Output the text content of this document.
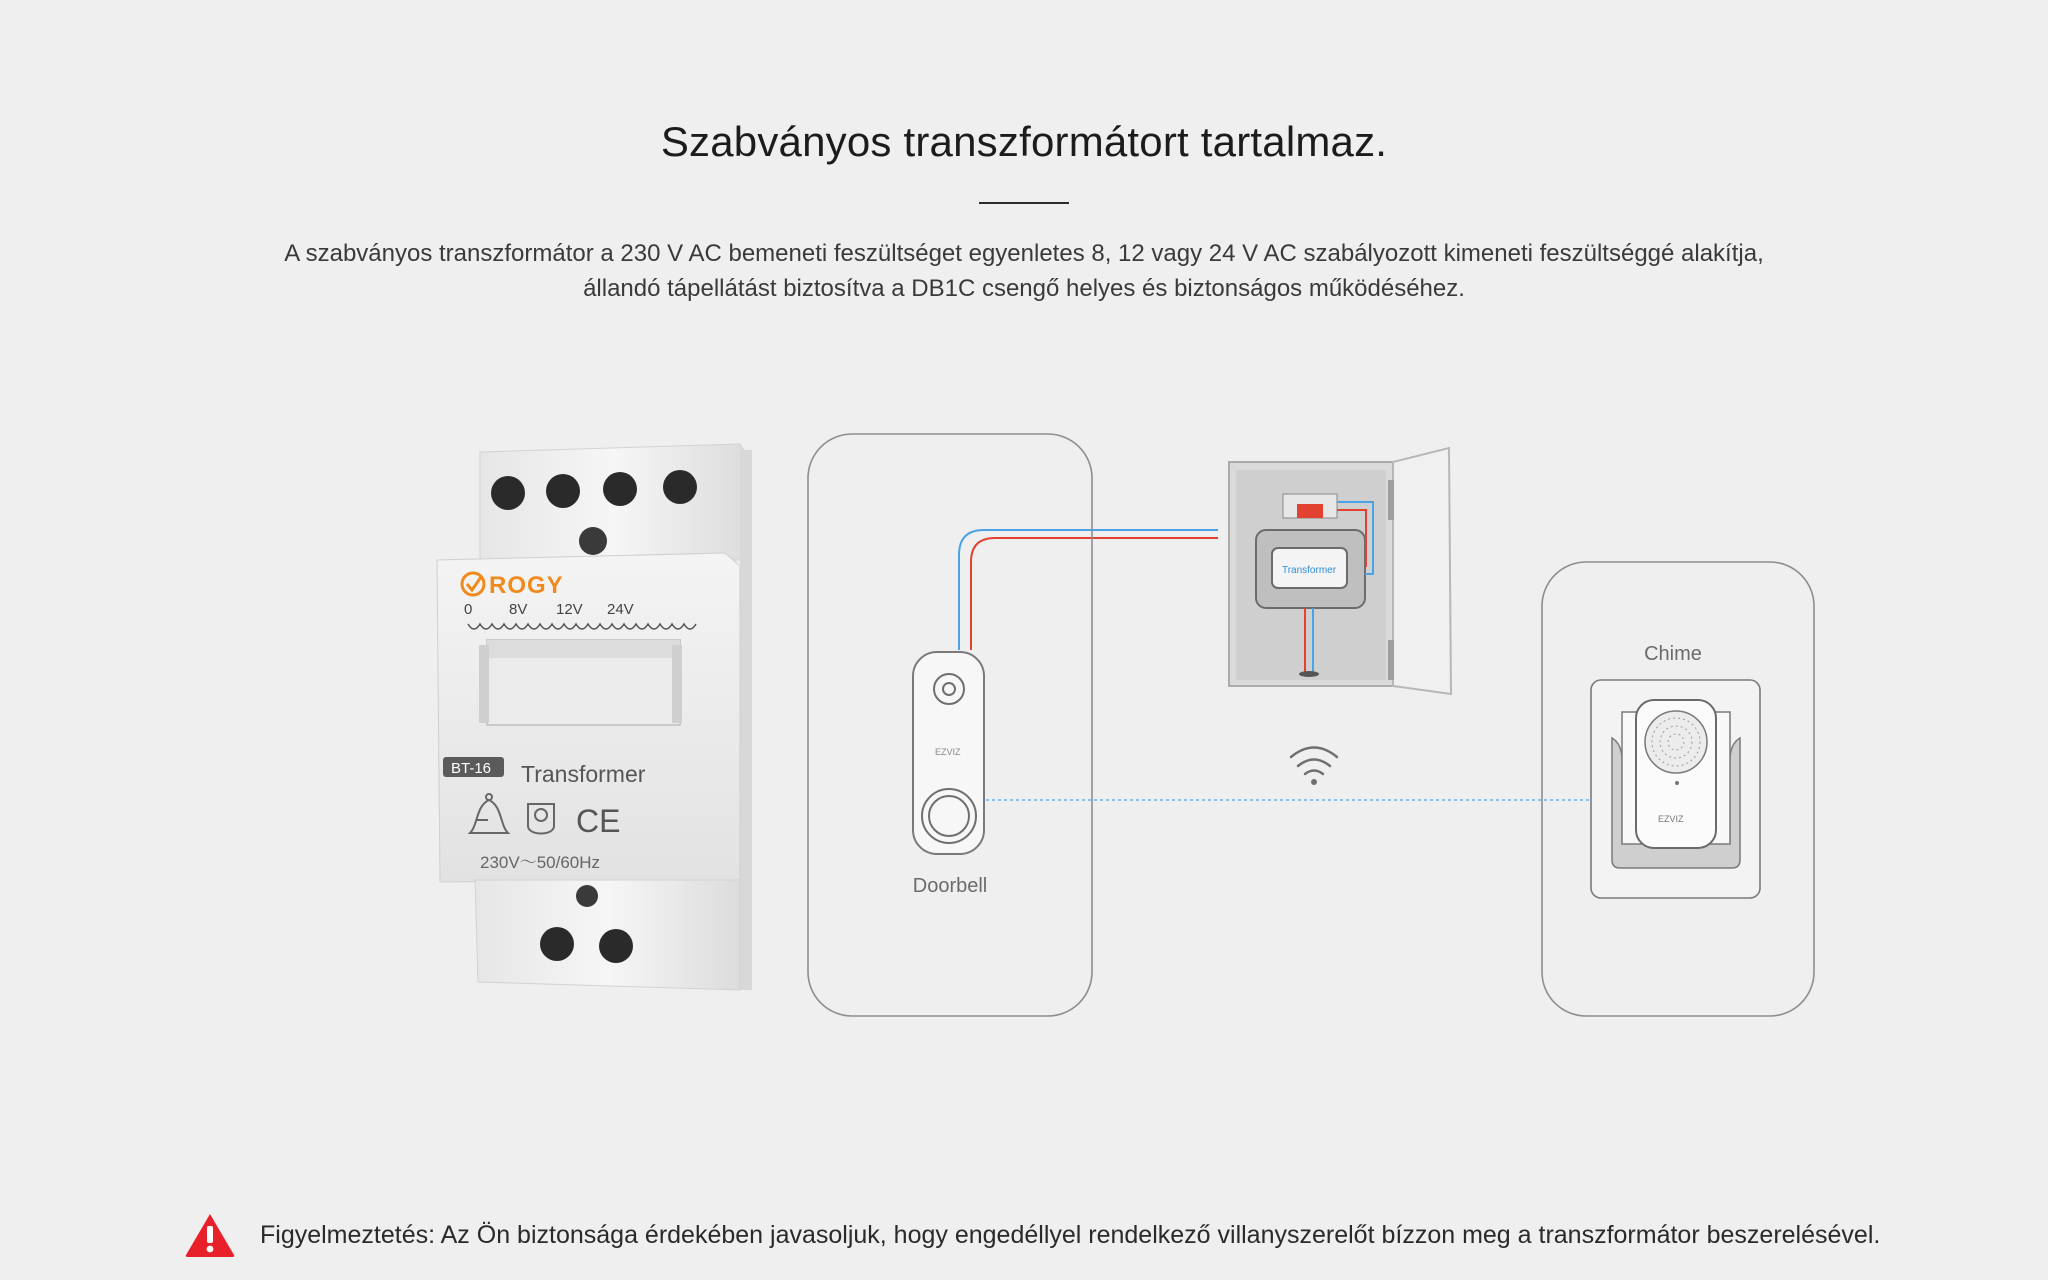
Szabványos transzformátort tartalmaz.
A szabványos transzformátor a 230 V AC bemeneti feszültséget egyenletes 8, 12 vagy 24 V AC szabályozott kimeneti feszültséggé alakítja, állandó tápellátást biztosítva a DB1C csengő helyes és biztonságos működéséhez.
ROGY
0 8V 12V 24V
BT-16 Transformer
CE
230V～50/60Hz
EZVIZ
Doorbell
Transformer
Chime
EZVIZ
Figyelmeztetés: Az Ön biztonsága érdekében javasoljuk, hogy engedéllyel rendelkező villanyszerelőt bízzon meg a transzformátor beszerelésével.
